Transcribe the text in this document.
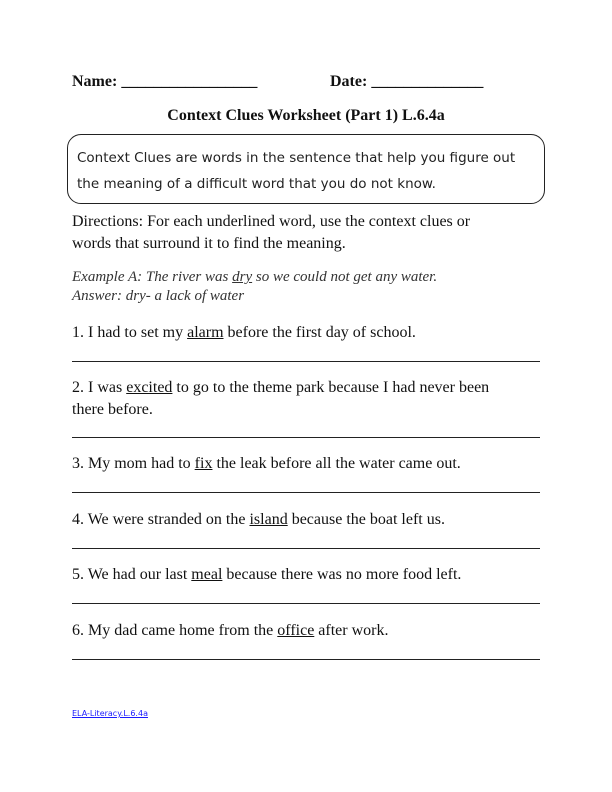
Name: _________________	Date: ______________
Context Clues Worksheet (Part 1) L.6.4a
Context Clues are words in the sentence that help you figure out
the meaning of a difficult word that you do not know.
Directions: For each underlined word, use the context clues or
words that surround it to find the meaning.
Example A: The river was dry so we could not get any water.
Answer: dry- a lack of water
1. I had to set my alarm before the first day of school.
2. I was excited to go to the theme park because I had never been there before.
3. My mom had to fix the leak before all the water came out.
4. We were stranded on the island because the boat left us.
5. We had our last meal because there was no more food left.
6. My dad came home from the office after work.
ELA-Literacy.L.6.4a
